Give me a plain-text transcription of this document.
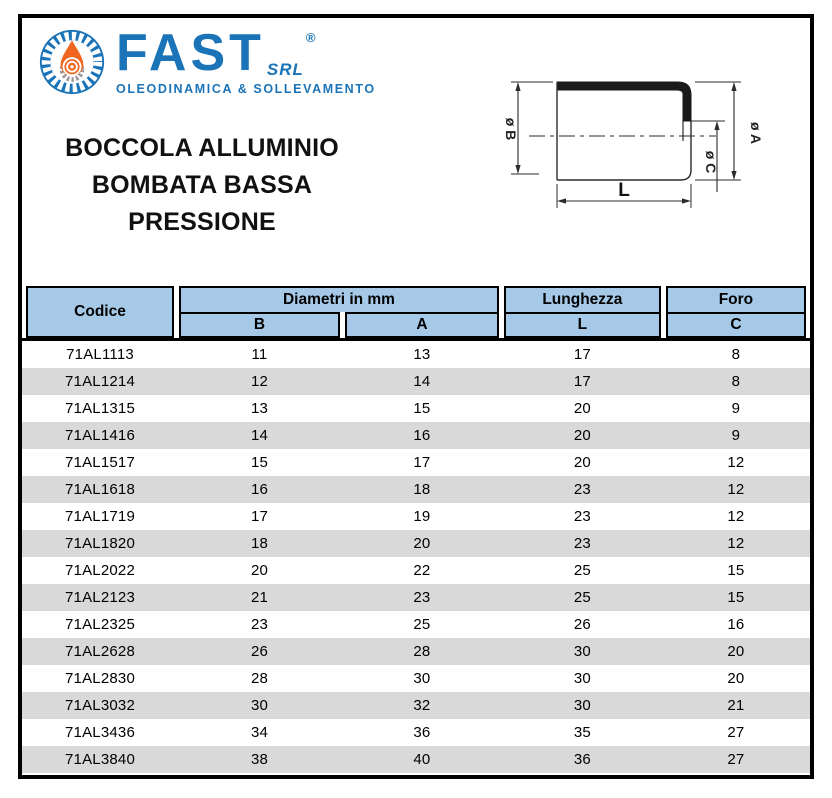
FAST SRL
®
OLEODINAMICA & SOLLEVAMENTO
BOCCOLA ALLUMINIO
BOMBATA BASSA
PRESSIONE
ø B	ø A
ø C
L
Codice
Diametri in mm	Lunghezza	Foro
B	A	L	C
71AL1113	11	13	17	8
71AL1214	12	14	17	8
71AL1315	13	15	20	9
71AL1416	14	16	20	9
71AL1517	15	17	20	12
71AL1618	16	18	23	12
71AL1719	17	19	23	12
71AL1820	18	20	23	12
71AL2022	20	22	25	15
71AL2123	21	23	25	15
71AL2325	23	25	26	16
71AL2628	26	28	30	20
71AL2830	28	30	30	20
71AL3032	30	32	30	21
71AL3436	34	36	35	27
71AL3840	38	40	36	27
